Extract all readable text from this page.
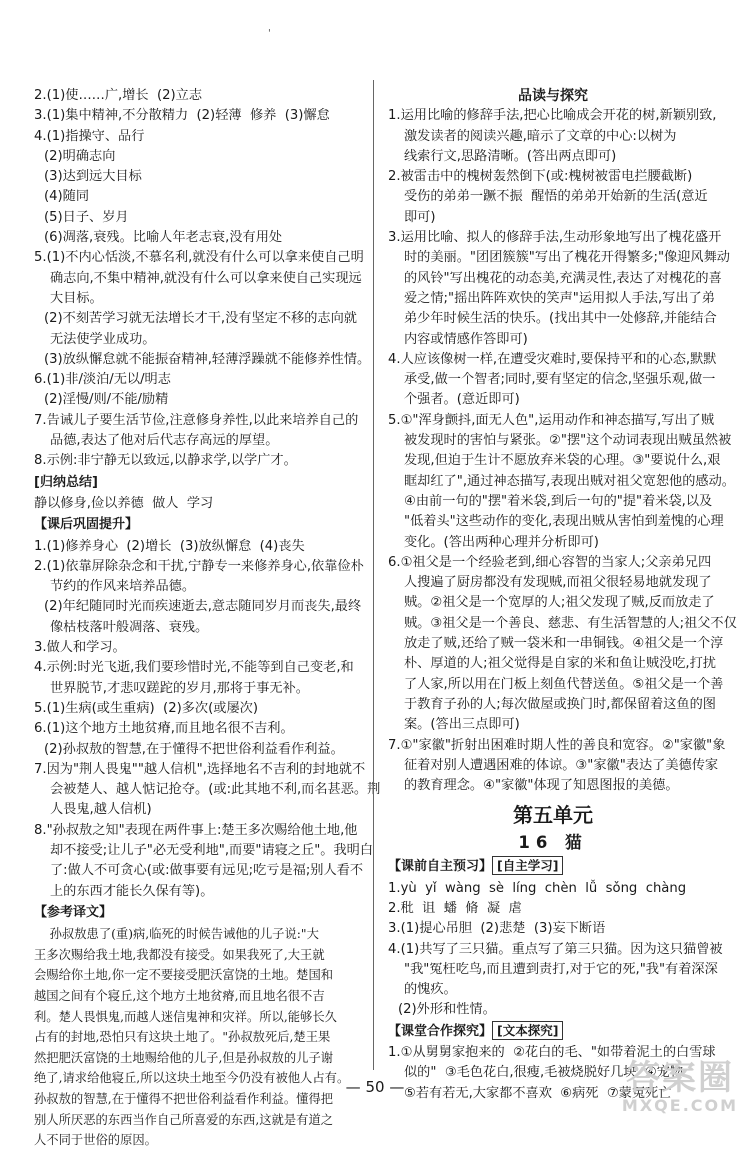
'
2.(1)使……广,增长  (2)立志
3.(1)集中精神,不分散精力  (2)轻薄  修养  (3)懈怠
4.(1)指操守、品行
(2)明确志向
(3)达到远大目标
(4)随同
(5)日子、岁月
(6)凋落,衰残。比喻人年老志衰,没有用处
5.(1)不内心恬淡,不慕名利,就没有什么可以拿来使自己明
确志向,不集中精神,就没有什么可以拿来使自己实现远
大目标。
(2)不刻苦学习就无法增长才干,没有坚定不移的志向就
无法使学业成功。
(3)放纵懈怠就不能振奋精神,轻薄浮躁就不能修养性情。
6.(1)非/淡泊/无以/明志
(2)淫慢/则/不能/励精
7.告诫儿子要生活节俭,注意修身养性,以此来培养自己的
品德,表达了他对后代志存高远的厚望。
8.示例:非宁静无以致远,以静求学,以学广才。
[归纳总结]
静以修身,俭以养德  做人  学习
【课后巩固提升】
1.(1)修养身心  (2)增长  (3)放纵懈怠  (4)丧失
2.(1)依靠屏除杂念和干扰,宁静专一来修养身心,依靠俭朴
节约的作风来培养品德。
(2)年纪随同时光而疾速逝去,意志随同岁月而丧失,最终
像枯枝落叶般凋落、衰残。
3.做人和学习。
4.示例:时光飞逝,我们要珍惜时光,不能等到自己变老,和
世界脱节,才悲叹蹉跎的岁月,那将于事无补。
5.(1)生病(或生重病)  (2)多次(或屡次)
6.(1)这个地方土地贫瘠,而且地名很不吉利。
(2)孙叔敖的智慧,在于懂得不把世俗利益看作利益。
7.因为"荆人畏鬼""越人信机",选择地名不吉利的封地就不
会被楚人、越人惦记抢夺。(或:此其地不利,而名甚恶。荆
人畏鬼,越人信机)
8."孙叔敖之知"表现在两件事上:楚王多次赐给他土地,他
却不接受;让儿子"必无受利地",而要"请寝之丘"。我明白
了:做人不可贪心(或:做事要有远见;吃亏是福;别人看不
上的东西才能长久保有等)。
【参考译文】
孙叔敖患了(重)病,临死的时候告诫他的儿子说:"大
王多次赐给我土地,我都没有接受。如果我死了,大王就
会赐给你土地,你一定不要接受肥沃富饶的土地。楚国和
越国之间有个寝丘,这个地方土地贫瘠,而且地名很不吉
利。楚人畏惧鬼,而越人迷信鬼神和灾祥。所以,能够长久
占有的封地,恐怕只有这块土地了。"孙叔敖死后,楚王果
然把肥沃富饶的土地赐给他的儿子,但是孙叔敖的儿子谢
绝了,请求给他寝丘,所以这块土地至今仍没有被他人占有。
孙叔敖的智慧,在于懂得不把世俗利益看作利益。懂得把
别人所厌恶的东西当作自己所喜爱的东西,这就是有道之
人不同于世俗的原因。
品读与探究
1.运用比喻的修辞手法,把心比喻成会开花的树,新颖别致,
激发读者的阅读兴趣,暗示了文章的中心:以树为
线索行文,思路清晰。(答出两点即可)
2.被雷击中的槐树轰然倒下(或:槐树被雷电拦腰截断)
受伤的弟弟一蹶不振  醒悟的弟弟开始新的生活(意近
即可)
3.运用比喻、拟人的修辞手法,生动形象地写出了槐花盛开
时的美丽。"团团簇簇"写出了槐花开得繁多;"像迎风舞动
的风铃"写出槐花的动态美,充满灵性,表达了对槐花的喜
爱之情;"摇出阵阵欢快的笑声"运用拟人手法,写出了弟
弟少年时候生活的快乐。(找出其中一处修辞,并能结合
内容或情感作答即可)
4.人应该像树一样,在遭受灾难时,要保持平和的心态,默默
承受,做一个智者;同时,要有坚定的信念,坚强乐观,做一
个强者。(意近即可)
5.①"浑身颤抖,面无人色",运用动作和神态描写,写出了贼
被发现时的害怕与紧张。②"摆"这个动词表现出贼虽然被
发现,但迫于生计不愿放弃米袋的心理。③"要说什么,艰
眶却红了",通过神态描写,表现出贼对祖父宽恕他的感动。
④由前一句的"摆"着米袋,到后一句的"提"着米袋,以及
"低着头"这些动作的变化,表现出贼从害怕到羞愧的心理
变化。(答出两种心理并分析即可)
6.①祖父是一个经验老到,细心容智的当家人;父亲弟兄四
人搜遍了厨房都没有发现贼,而祖父很轻易地就发现了
贼。②祖父是一个宽厚的人;祖父发现了贼,反而放走了
贼。③祖父是一个善良、慈悲、有生活智慧的人;祖父不仅
放走了贼,还给了贼一袋米和一串铜钱。④祖父是一个淳
朴、厚道的人;祖父觉得是自家的米和鱼让贼没吃,打扰
了人家,所以用在门板上刻鱼代替送鱼。⑤祖父是一个善
于教育子孙的人;每次做屋或换门时,都保留着这鱼的图
案。(答出三点即可)
7.①"家徽"折射出困难时期人性的善良和宽容。②"家徽"象
征着对别人遭遇困难的体谅。③"家徽"表达了美德传家
的教育理念。④"家徽"体现了知恩图报的美德。
第五单元
16 猫
【课前自主预习】 [自主学习]

1.yù  yǐ  wàng  sè  líng  chèn  lǚ  sǒng  chàng
2.秕  诅  蟠  脩  凝  虐
3.(1)提心吊胆  (2)悲楚  (3)妄下断语
4.(1)共写了三只猫。重点写了第三只猫。因为这只猫曾被
"我"冤枉吃鸟,而且遭到责打,对于它的死,"我"有着深深
的愧疚。
(2)外形和性情。
【课堂合作探究】 [文本探究]

1.①从舅舅家抱来的  ②花白的毛、"如带着泥土的白雪球
似的"  ③毛色花白,很瘦,毛被烧脱好几块  ④宠物
⑤若有若无,大家都不喜欢  ⑥病死  ⑦蒙冤死亡
— 50 —	答案圈
MXQE.COM
